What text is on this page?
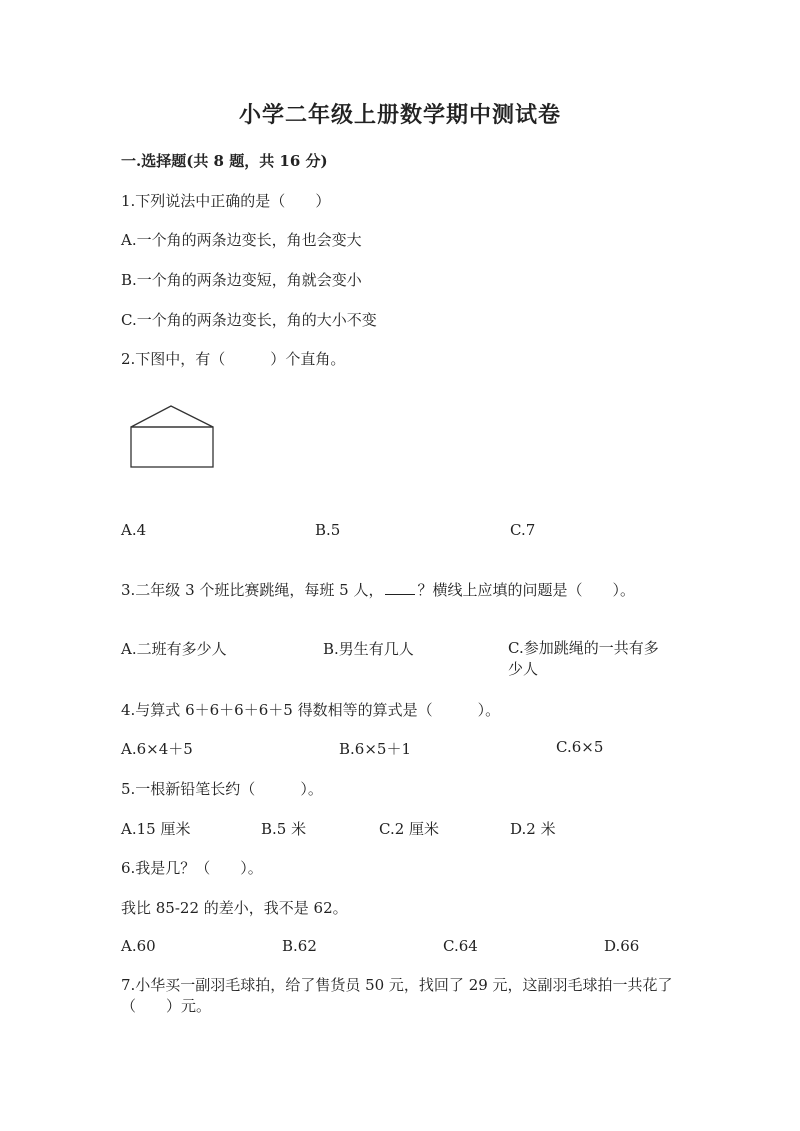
小学二年级上册数学期中测试卷
一.选择题(共 8 题，共 16 分)
1.下列说法中正确的是（　　）
A.一个角的两条边变长，角也会变大
B.一个角的两条边变短，角就会变小
C.一个角的两条边变长，角的大小不变
2.下图中，有（　　　）个直角。
A.4	B.5	C.7
3.二年级 3 个班比赛跳绳，每班 5 人， ？横线上应填的问题是（　　）。
A.二班有多少人	B.男生有几人	C.参加跳绳的一共有多少人
4.与算式 6＋6＋6＋6＋5 得数相等的算式是（　　　）。
A.6×4＋5	B.6×5＋1	C.6×5
5.一根新铅笔长约（　　　）。
A.15 厘米	B.5 米	C.2 厘米	D.2 米
6.我是几？（　　）。
我比 85-22 的差小，我不是 62。
A.60	B.62	C.64	D.66
7.小华买一副羽毛球拍，给了售货员 50 元，找回了 29 元，这副羽毛球拍一共花了（　　）元。
